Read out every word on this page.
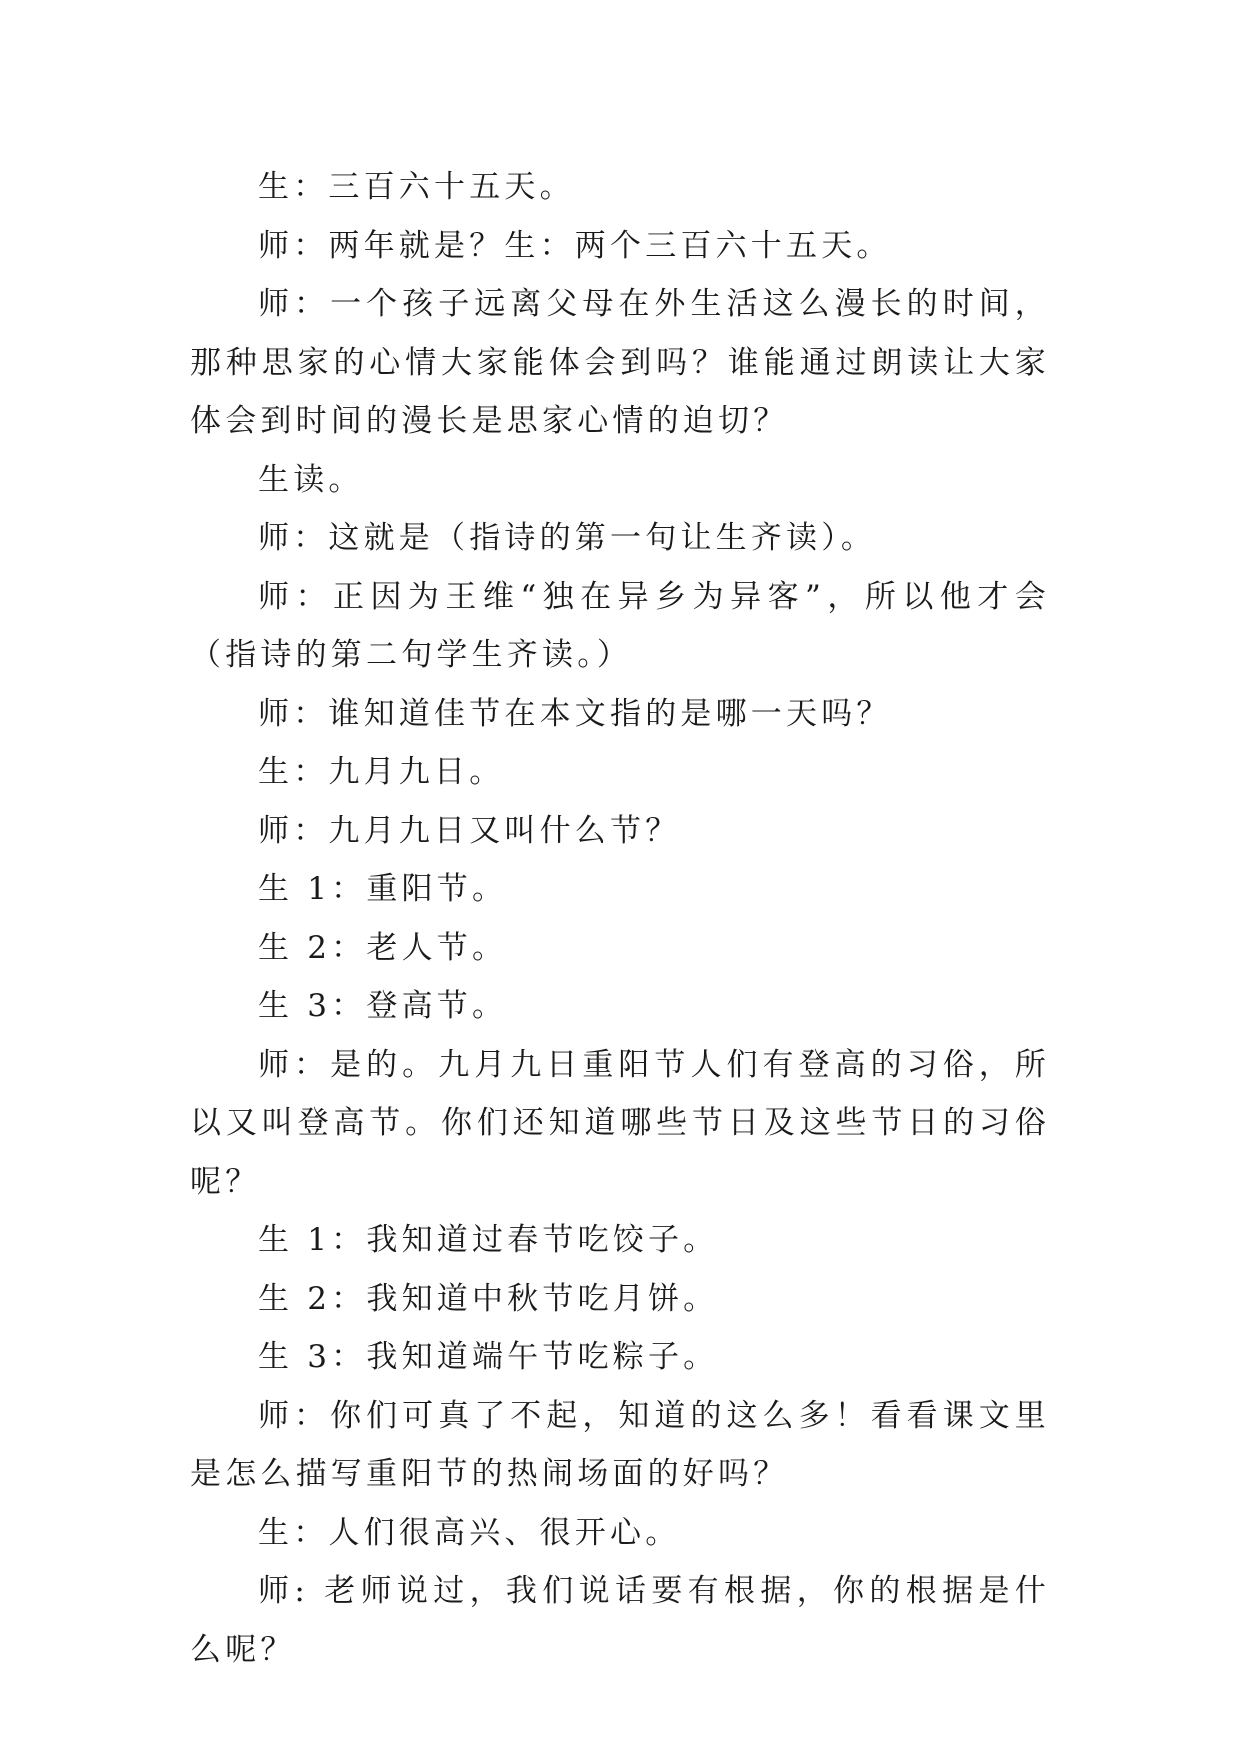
生：三百六十五天。

师：两年就是？生：两个三百六十五天。

师：一个孩子远离父母在外生活这么漫长的时间，那种思家的心情大家能体会到吗？谁能通过朗读让大家体会到时间的漫长是思家心情的迫切？

生读。

师：这就是（指诗的第一句让生齐读）。

师：正因为王维“独在异乡为异客”，所以他才会（指诗的第二句学生齐读。）

师：谁知道佳节在本文指的是哪一天吗？

生：九月九日。

师：九月九日又叫什么节？

生 1：重阳节。

生 2：老人节。

生 3：登高节。

师：是的。九月九日重阳节人们有登高的习俗，所以又叫登高节。你们还知道哪些节日及这些节日的习俗呢？

生 1：我知道过春节吃饺子。

生 2：我知道中秋节吃月饼。

生 3：我知道端午节吃粽子。

师：你们可真了不起，知道的这么多！看看课文里是怎么描写重阳节的热闹场面的好吗？

生：人们很高兴、很开心。

师: 老师说过，我们说话要有根据，你的根据是什么呢？
